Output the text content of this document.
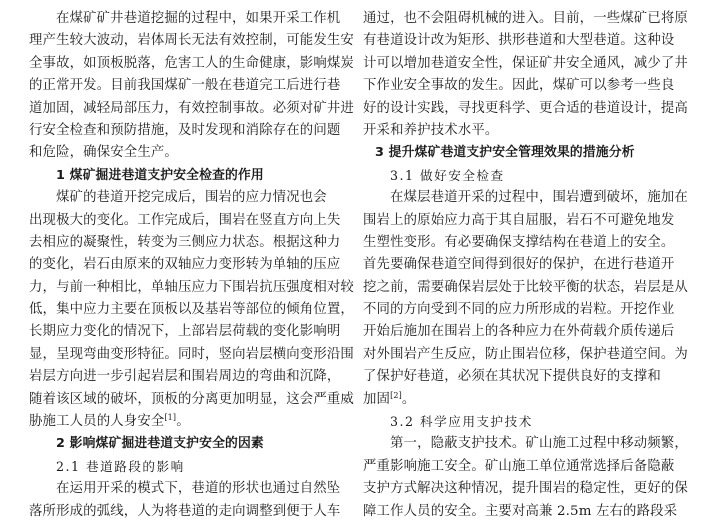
在煤矿矿井巷道挖掘的过程中，如果开采工作机
理产生较大波动，岩体周长无法有效控制，可能发生安
全事故，如顶板脱落，危害工人的生命健康，影响煤炭
的正常开发。目前我国煤矿一般在巷道完工后进行巷
道加固，减轻局部压力，有效控制事故。必须对矿井进
行安全检查和预防措施，及时发现和消除存在的问题
和危险，确保安全生产。
1 煤矿掘进巷道支护安全检查的作用
煤矿的巷道开挖完成后，围岩的应力情况也会
出现极大的变化。工作完成后，围岩在竖直方向上失
去相应的凝聚性，转变为三侧应力状态。根据这种力
的变化，岩石由原来的双轴应力变形转为单轴的压应
力，与前一种相比，单轴压应力下围岩抗压强度相对较
低，集中应力主要在顶板以及基岩等部位的倾角位置，
长期应力变化的情况下，上部岩层荷载的变化影响明
显，呈现弯曲变形特征。同时，竖向岩层横向变形沿围
岩层方向进一步引起岩层和围岩周边的弯曲和沉降，
随着该区域的破坏，顶板的分离更加明显，这会严重威
胁施工人员的人身安全[1]。
2 影响煤矿掘进巷道支护安全的因素
2.1 巷道路段的影响
在运用开采的模式下，巷道的形状也通过自然坠
落所形成的弧线，人为将巷道的走向调整到便于人车
通过，也不会阻碍机械的进入。目前，一些煤矿已将原
有巷道设计改为矩形、拱形巷道和大型巷道。这种设
计可以增加巷道安全性，保证矿井安全通风，减少了井
下作业安全事故的发生。因此，煤矿可以参考一些良
好的设计实践，寻找更科学、更合适的巷道设计，提高
开采和养护技术水平。
3 提升煤矿巷道支护安全管理效果的措施分析
3.1 做好安全检查
在煤层巷道开采的过程中，围岩遭到破坏，施加在
围岩上的原始应力高于其自屈服，岩石不可避免地发
生塑性变形。有必要确保支撑结构在巷道上的安全。
首先要确保巷道空间得到很好的保护，在进行巷道开
挖之前，需要确保岩层处于比较平衡的状态，岩层是从
不同的方向受到不同的应力所形成的岩粒。开挖作业
开始后施加在围岩上的各种应力在外荷载介质传递后
对外围岩产生反应，防止围岩位移，保护巷道空间。为
了保护好巷道，必须在其状况下提供良好的支撑和
加固[2]。
3.2 科学应用支护技术
第一，隐蔽支护技术。矿山施工过程中移动频繁，
严重影响施工安全。矿山施工单位通常选择后备隐蔽
支护方式解决这种情况，提升围岩的稳定性，更好的保
障工作人员的安全。主要对高兼 2.5m 左右的路段采
